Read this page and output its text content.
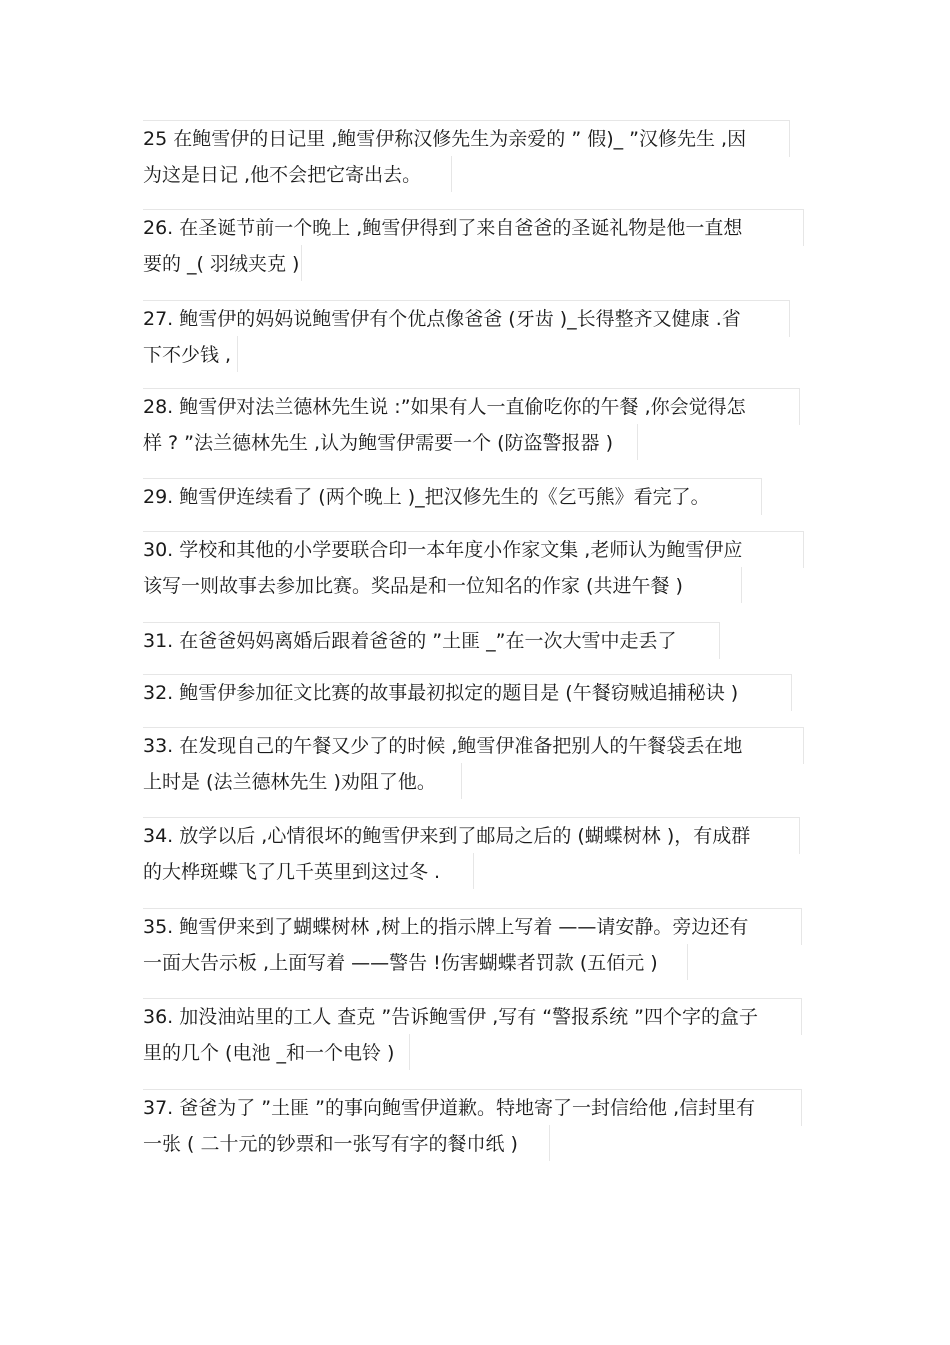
25 在鲍雪伊的日记里 ,鲍雪伊称汉修先生为亲爱的 ” 假)_ ”汉修先生 ,因
为这是日记 ,他不会把它寄出去。
26. 在圣诞节前一个晚上 ,鲍雪伊得到了来自爸爸的圣诞礼物是他一直想
要的 _( 羽绒夹克 )
27. 鲍雪伊的妈妈说鲍雪伊有个优点像爸爸 (牙齿 )_长得整齐又健康 .省
下不少钱 ,
28. 鲍雪伊对法兰德林先生说 :”如果有人一直偷吃你的午餐 ,你会觉得怎
样 ? ”法兰德林先生 ,认为鲍雪伊需要一个 (防盗警报器 )
29. 鲍雪伊连续看了 (两个晚上 )_把汉修先生的《乞丐熊》看完了。
30. 学校和其他的小学要联合印一本年度小作家文集 ,老师认为鲍雪伊应
该写一则故事去参加比赛。奖品是和一位知名的作家 (共进午餐 )
31. 在爸爸妈妈离婚后跟着爸爸的 ”土匪 _”在一次大雪中走丢了
32. 鲍雪伊参加征文比赛的故事最初拟定的题目是 (午餐窃贼追捕秘诀 )
33. 在发现自己的午餐又少了的时候 ,鲍雪伊准备把别人的午餐袋丢在地
上时是 (法兰德林先生 )劝阻了他。
34. 放学以后 ,心情很坏的鲍雪伊来到了邮局之后的 (蝴蝶树林 )，有成群
的大桦斑蝶飞了几千英里到这过冬 .
35. 鲍雪伊来到了蝴蝶树林 ,树上的指示牌上写着 ——请安静。旁边还有
一面大告示板 ,上面写着 ——警告 !伤害蝴蝶者罚款 (五佰元 )
36. 加没油站里的工人 查克 ”告诉鲍雪伊 ,写有 “警报系统 ”四个字的盒子
里的几个 (电池 _和一个电铃 )
37. 爸爸为了 ”土匪 ”的事向鲍雪伊道歉。特地寄了一封信给他 ,信封里有
一张 ( 二十元的钞票和一张写有字的餐巾纸 )
